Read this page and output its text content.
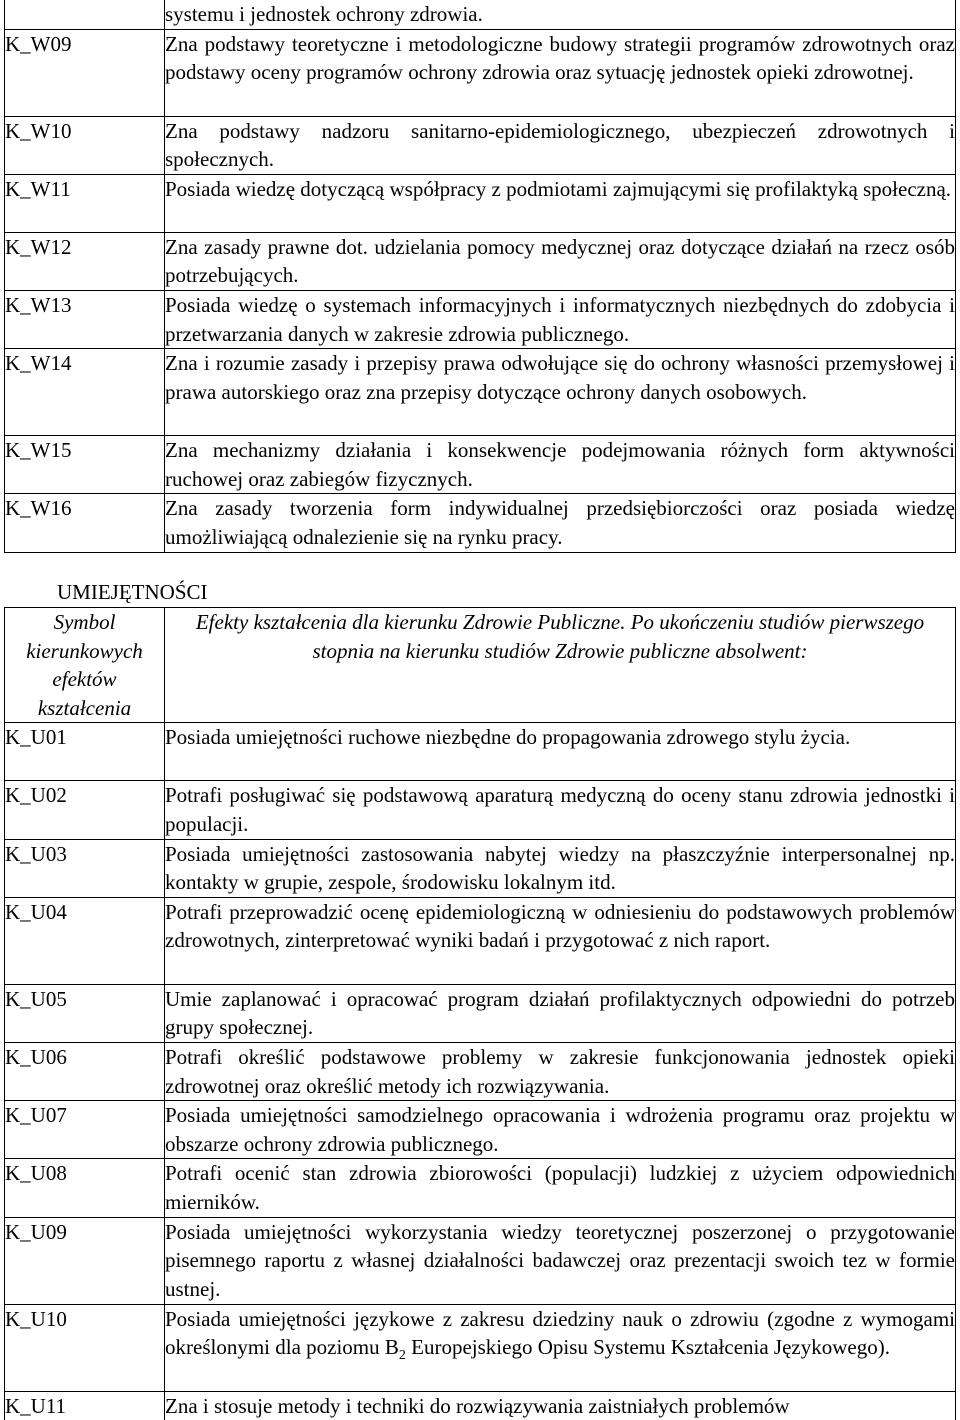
	systemu i jednostek ochrony zdrowia.
K_W09	Zna podstawy teoretyczne i metodologiczne budowy strategii programów zdrowotnych oraz podstawy oceny programów ochrony zdrowia oraz sytuację jednostek opieki zdrowotnej.
K_W10	Zna podstawy nadzoru sanitarno-epidemiologicznego, ubezpieczeń zdrowotnych i społecznych.
K_W11	Posiada wiedzę dotyczącą współpracy z podmiotami zajmującymi się profilaktyką społeczną.
K_W12	Zna zasady prawne dot. udzielania pomocy medycznej oraz dotyczące działań na rzecz osób potrzebujących.
K_W13	Posiada wiedzę o systemach informacyjnych i informatycznych niezbędnych do zdobycia i przetwarzania danych w zakresie zdrowia publicznego.
K_W14	Zna i rozumie zasady i przepisy prawa odwołujące się do ochrony własności przemysłowej i prawa autorskiego oraz zna przepisy dotyczące ochrony danych osobowych.
K_W15	Zna mechanizmy działania i konsekwencje podejmowania różnych form aktywności ruchowej oraz zabiegów fizycznych.
K_W16	Zna zasady tworzenia form indywidualnej przedsiębiorczości oraz posiada wiedzę umożliwiającą odnalezienie się na rynku pracy.
UMIEJĘTNOŚCI
Symbol kierunkowych efektów kształcenia	Efekty kształcenia dla kierunku Zdrowie Publiczne. Po ukończeniu studiów pierwszego stopnia na kierunku studiów Zdrowie publiczne absolwent:
K_U01	Posiada umiejętności ruchowe niezbędne do propagowania zdrowego stylu życia.
K_U02	Potrafi posługiwać się podstawową aparaturą medyczną do oceny stanu zdrowia jednostki i populacji.
K_U03	Posiada umiejętności zastosowania nabytej wiedzy na płaszczyźnie interpersonalnej np. kontakty w grupie, zespole, środowisku lokalnym itd.
K_U04	Potrafi przeprowadzić ocenę epidemiologiczną w odniesieniu do podstawowych problemów zdrowotnych, zinterpretować wyniki badań i przygotować z nich raport.
K_U05	Umie zaplanować i opracować program działań profilaktycznych odpowiedni do potrzeb grupy społecznej.
K_U06	Potrafi określić podstawowe problemy w zakresie funkcjonowania jednostek opieki zdrowotnej oraz określić metody ich rozwiązywania.
K_U07	Posiada umiejętności samodzielnego opracowania i wdrożenia programu oraz projektu w obszarze ochrony zdrowia publicznego.
K_U08	Potrafi ocenić stan zdrowia zbiorowości (populacji) ludzkiej z użyciem odpowiednich mierników.
K_U09	Posiada umiejętności wykorzystania wiedzy teoretycznej poszerzonej o przygotowanie pisemnego raportu z własnej działalności badawczej oraz prezentacji swoich tez w formie ustnej.
K_U10	Posiada umiejętności językowe z zakresu dziedziny nauk o zdrowiu (zgodne z wymogami określonymi dla poziomu $B_2$ Europejskiego Opisu Systemu Kształcenia Językowego).
K_U11	Zna i stosuje metody i techniki do rozwiązywania zaistniałych problemów
